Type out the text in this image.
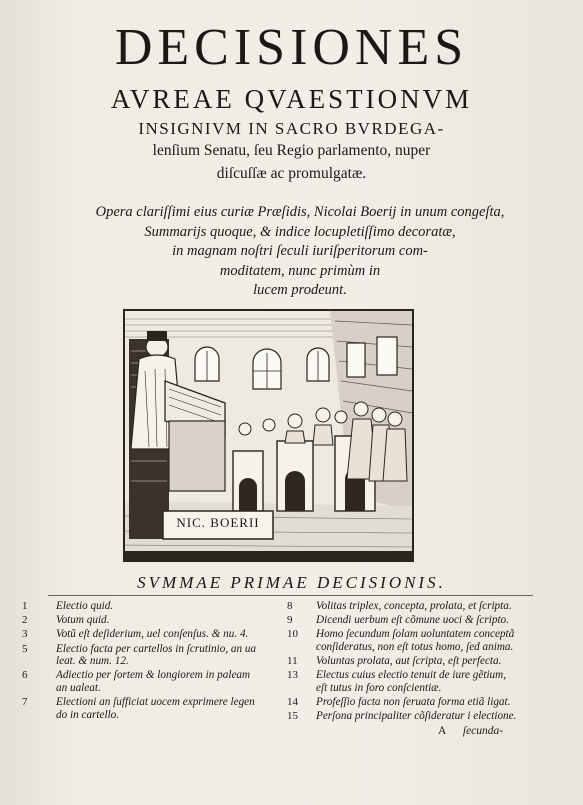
DECISIONES
AVREAE QVAESTIONVM
INSIGNIVM IN SACRO BVRDEGA-
lenſium Senatu, ſeu Regio parlamento, nuper
diſcuſſæ ac promulgatæ.
Opera clariſſimi eius curiæ Præſidis, Nicolai Boerij in unum congeſta,
Summarijs quoque, & indice locupletiſſimo decoratæ,
in magnam noſtri ſeculi iuriſperitorum com-
moditatem, nunc primùm in
lucem prodeunt.
NIC. BOERII
SVMMAE PRIMAE DECISIONIS.
1	Electio quid.
2	Votum quid.
3	Votũ eſt deſiderium, uel conſenſus. & nu. 4.
5	Electio facta per cartellos in ſcrutinio, an ua
leat. & num. 12.
6	Adiectio per ſortem & longiorem in paleam
an ualeat.
7	Electioni an ſufficiat uocem exprimere legen
do in cartello.
8	Volitas triplex, concepta, prolata, et ſcripta.
9	Dicendi uerbum eſt cõmune uoci & ſcripto.
10	Homo ſecundum ſolam uoluntatem conceptã
conſideratus, non eſt totus homo, ſed anima.
11	Voluntas prolata, aut ſcripta, eſt perfecta.
13	Electus cuius electio tenuit de iure gẽtium,
eſt tutus in foro conſcientiæ.
14	Profeſſio facta non ſeruata forma etiã ligat.
15	Perſona principaliter cõſideratur i electione.
A ſecunda-
